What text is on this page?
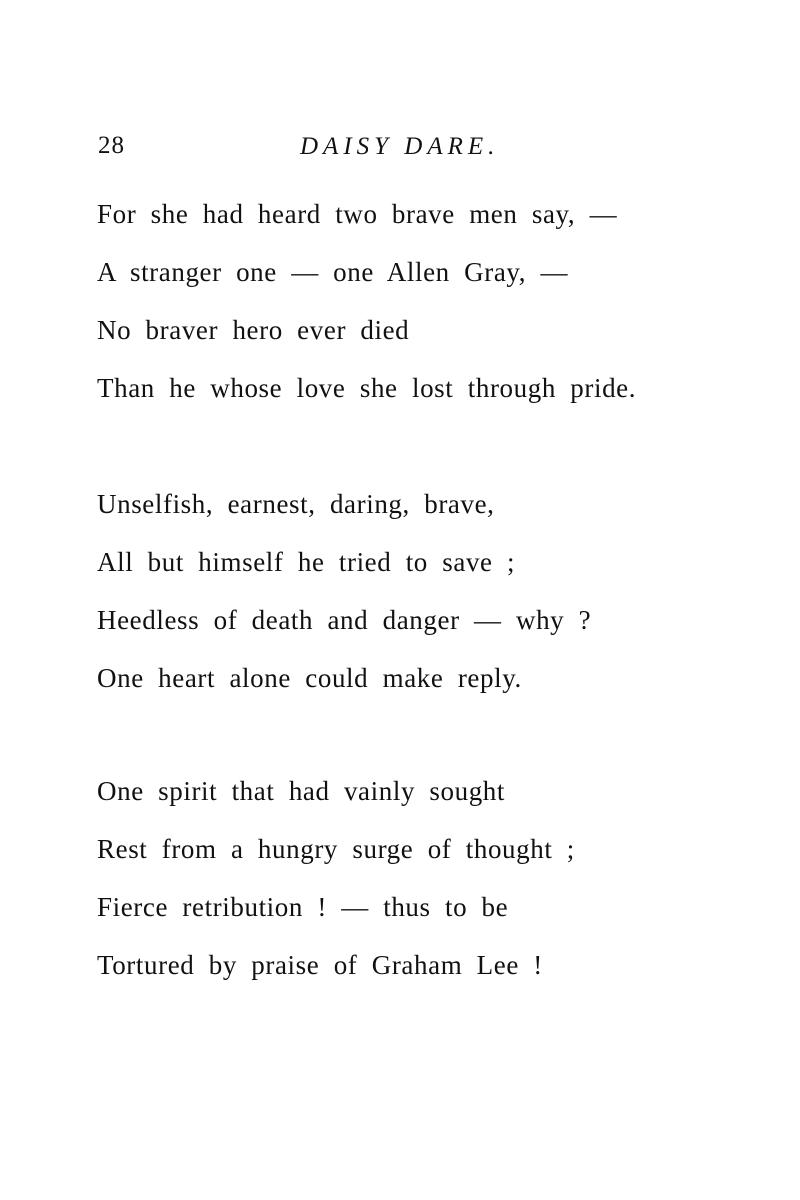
28	DAISY DARE.
For she had heard two brave men say, —
A stranger one — one Allen Gray, —
No braver hero ever died
Than he whose love she lost through pride.
Unselfish, earnest, daring, brave,
All but himself he tried to save ;
Heedless of death and danger — why ?
One heart alone could make reply.
One spirit that had vainly sought
Rest from a hungry surge of thought ;
Fierce retribution ! — thus to be
Tortured by praise of Graham Lee !
